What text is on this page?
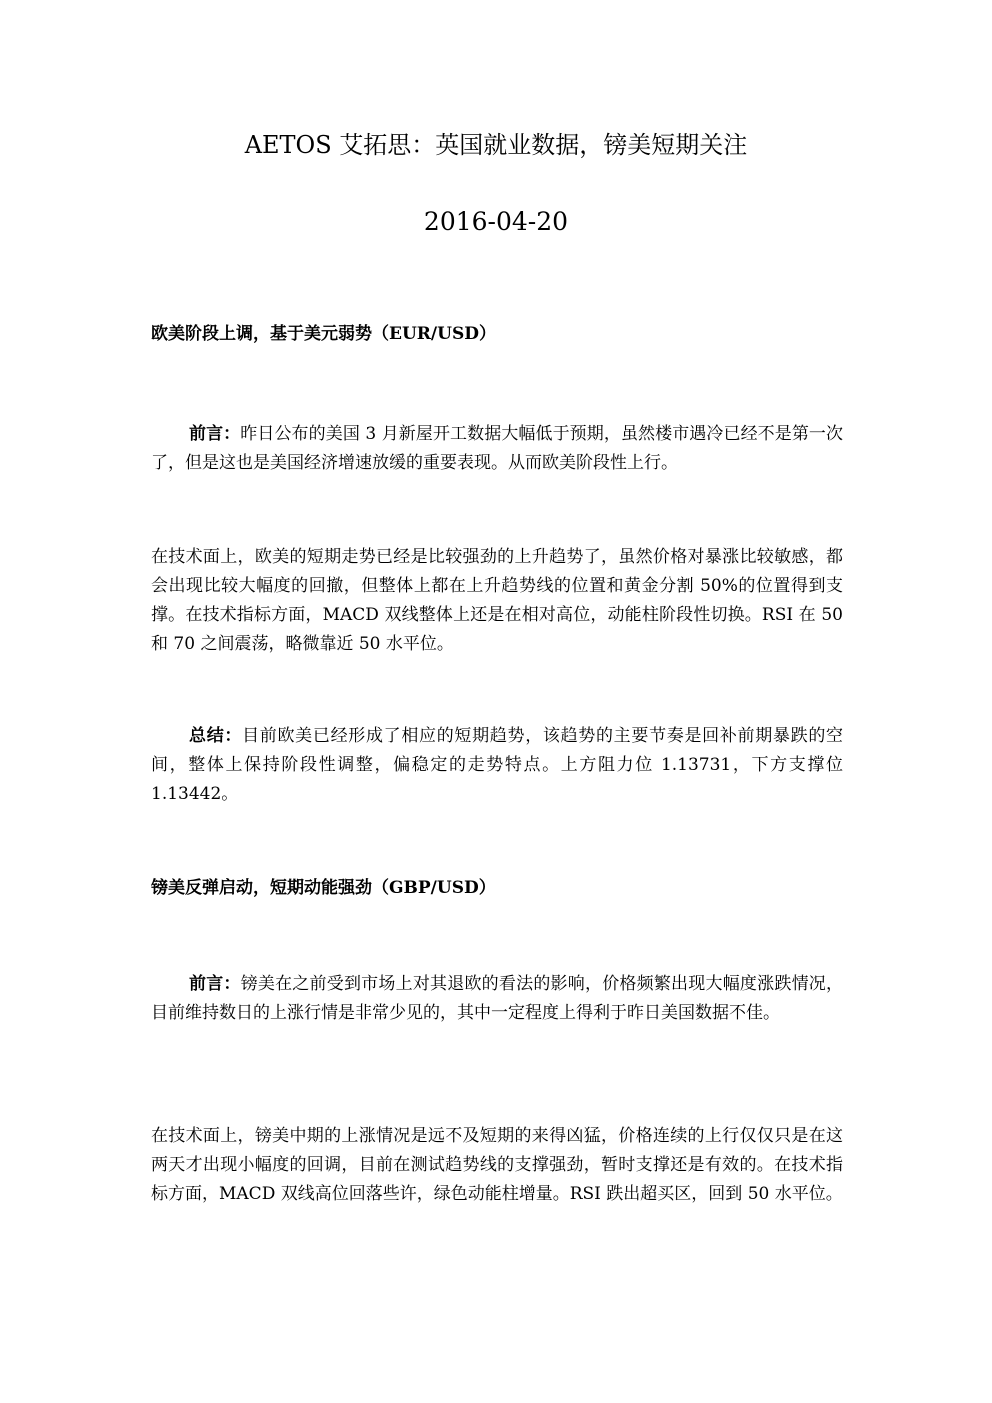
AETOS 艾拓思：英国就业数据，镑美短期关注
2016-04-20
欧美阶段上调，基于美元弱势（EUR/USD）

前言：昨日公布的美国 3 月新屋开工数据大幅低于预期，虽然楼市遇冷已经不是第一次了，但是这也是美国经济增速放缓的重要表现。从而欧美阶段性上行。

在技术面上，欧美的短期走势已经是比较强劲的上升趋势了，虽然价格对暴涨比较敏感，都会出现比较大幅度的回撤，但整体上都在上升趋势线的位置和黄金分割 50%的位置得到支撑。在技术指标方面，MACD 双线整体上还是在相对高位，动能柱阶段性切换。RSI 在 50 和 70 之间震荡，略微靠近 50 水平位。

总结：目前欧美已经形成了相应的短期趋势，该趋势的主要节奏是回补前期暴跌的空间，整体上保持阶段性调整，偏稳定的走势特点。上方阻力位 1.13731，下方支撑位 1.13442。

镑美反弹启动，短期动能强劲（GBP/USD）

前言：镑美在之前受到市场上对其退欧的看法的影响，价格频繁出现大幅度涨跌情况，目前维持数日的上涨行情是非常少见的，其中一定程度上得利于昨日美国数据不佳。

在技术面上，镑美中期的上涨情况是远不及短期的来得凶猛，价格连续的上行仅仅只是在这两天才出现小幅度的回调，目前在测试趋势线的支撑强劲，暂时支撑还是有效的。在技术指标方面，MACD 双线高位回落些许，绿色动能柱增量。RSI 跌出超买区，回到 50 水平位。
